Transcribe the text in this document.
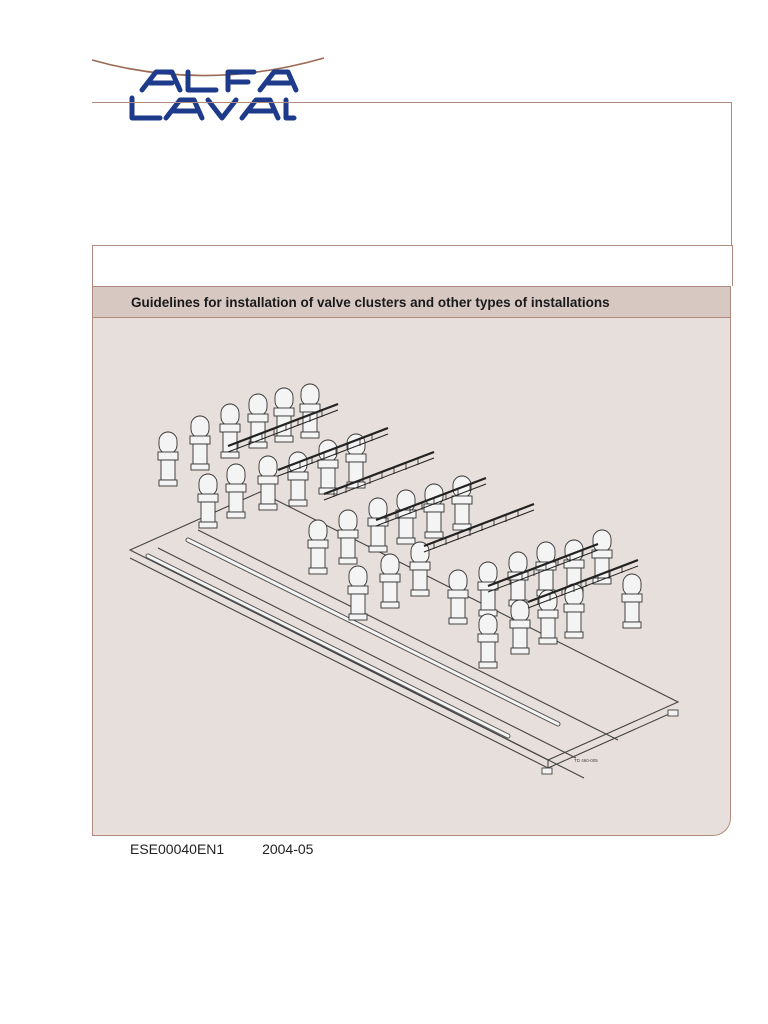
Guidelines for installation of valve clusters and other types of installations
TD 460-005
ESE00040EN1	2004-05
